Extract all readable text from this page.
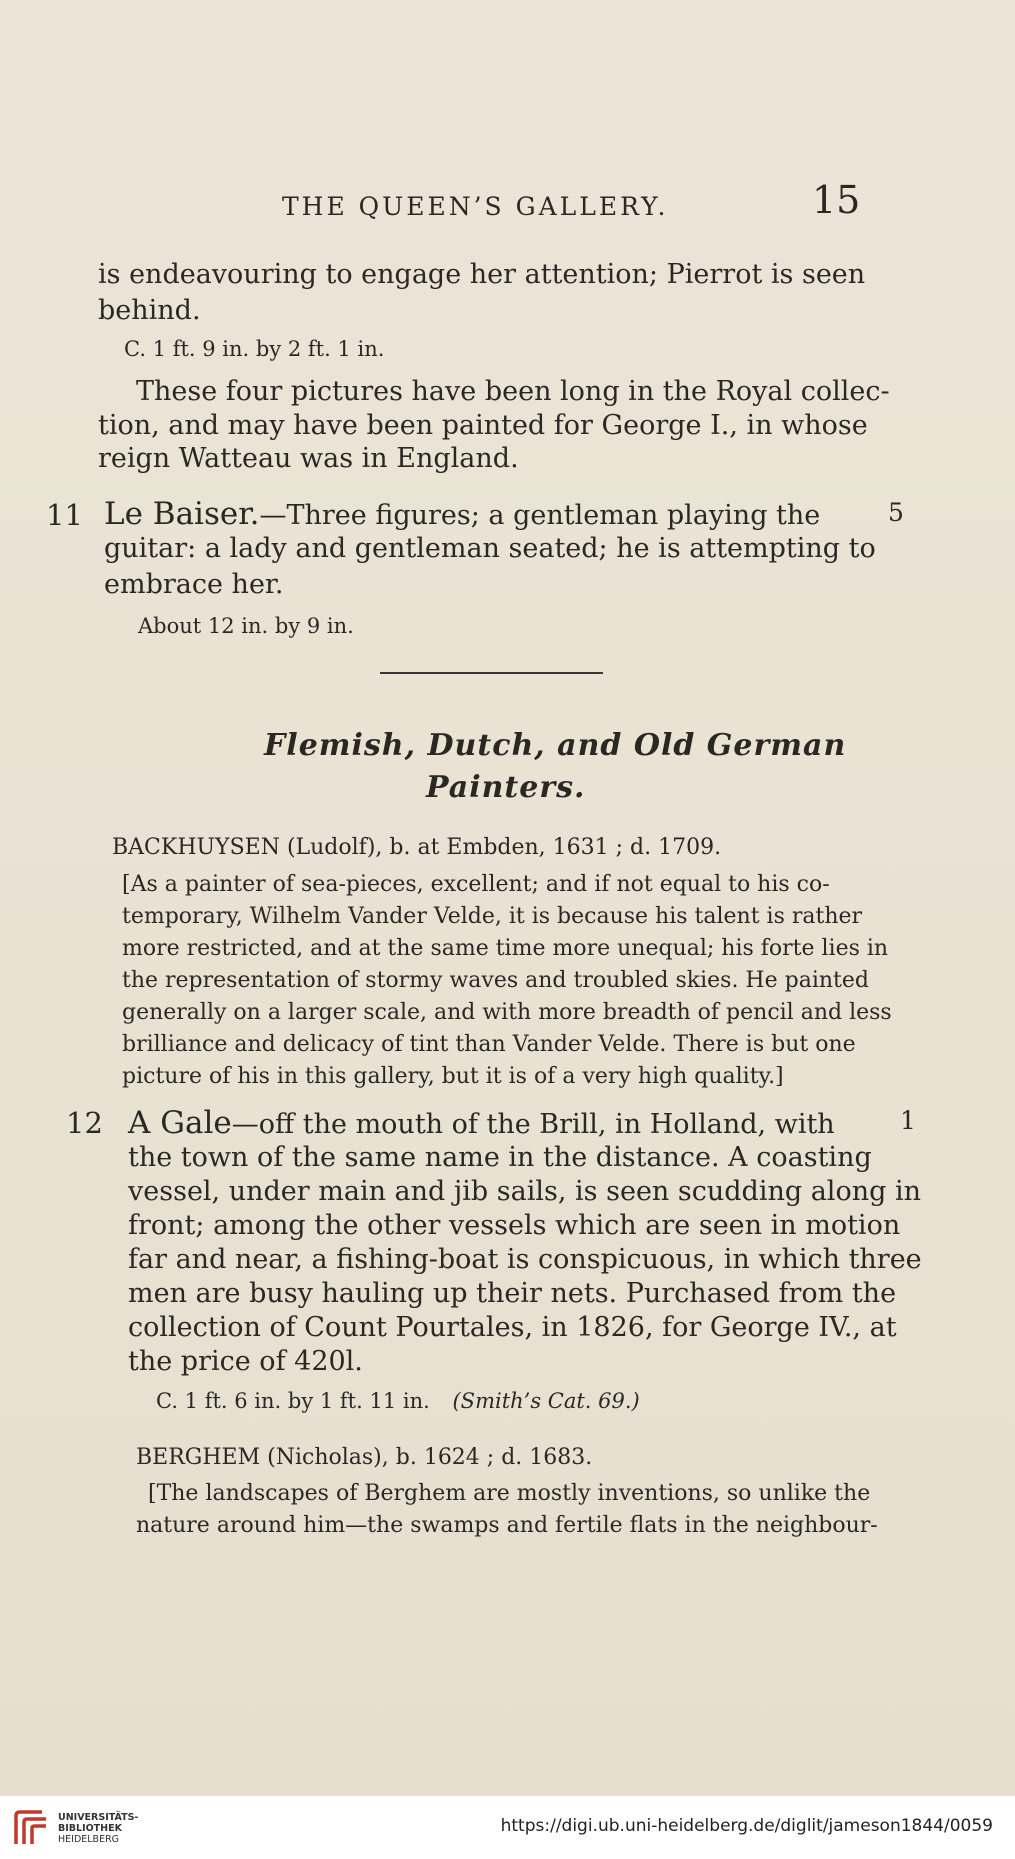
THE QUEEN’S GALLERY.	15
is endeavouring to engage her attention; Pierrot is seen
behind.
C. 1 ft. 9 in. by 2 ft. 1 in.
These four pictures have been long in the Royal collec-
tion, and may have been painted for George I., in whose
reign Watteau was in England.
11 Le Baiser.—Three figures; a gentleman playing the	5
guitar: a lady and gentleman seated; he is attempting to
embrace her.
About 12 in. by 9 in.
Flemish, Dutch, and Old German
Painters.
BACKHUYSEN (Ludolf), b. at Embden, 1631 ; d. 1709.
[As a painter of sea-pieces, excellent; and if not equal to his co-
temporary, Wilhelm Vander Velde, it is because his talent is rather
more restricted, and at the same time more unequal; his forte lies in
the representation of stormy waves and troubled skies. He painted
generally on a larger scale, and with more breadth of pencil and less
brilliance and delicacy of tint than Vander Velde. There is but one
picture of his in this gallery, but it is of a very high quality.]
12 A Gale—off the mouth of the Brill, in Holland, with	1
the town of the same name in the distance. A coasting
vessel, under main and jib sails, is seen scudding along in
front; among the other vessels which are seen in motion
far and near, a fishing-boat is conspicuous, in which three
men are busy hauling up their nets. Purchased from the
collection of Count Pourtales, in 1826, for George IV., at
the price of 420l.
C. 1 ft. 6 in. by 1 ft. 11 in. (Smith’s Cat. 69.)
BERGHEM (Nicholas), b. 1624 ; d. 1683.
[The landscapes of Berghem are mostly inventions, so unlike the
nature around him—the swamps and fertile flats in the neighbour-
UNIVERSITÄTS-
BIBLIOTHEK
HEIDELBERG
https://digi.ub.uni-heidelberg.de/diglit/jameson1844/0059
